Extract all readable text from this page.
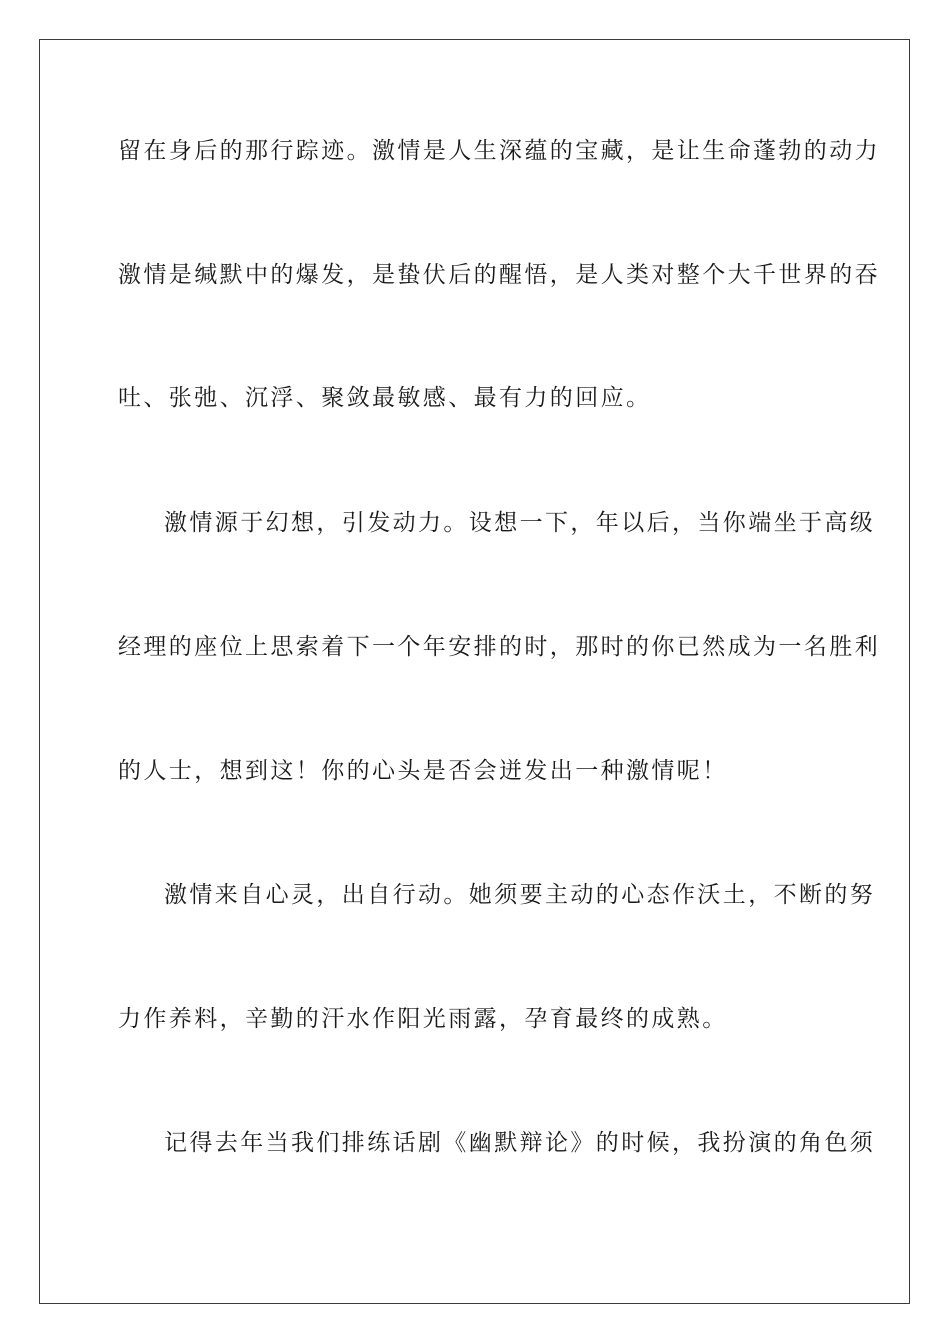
留在身后的那行踪迹。激情是人生深蕴的宝藏，是让生命蓬勃的动力
激情是缄默中的爆发，是蛰伏后的醒悟，是人类对整个大千世界的吞
吐、张弛、沉浮、聚敛最敏感、最有力的回应。
激情源于幻想，引发动力。设想一下，年以后，当你端坐于高级
经理的座位上思索着下一个年安排的时，那时的你已然成为一名胜利
的人士，想到这！你的心头是否会迸发出一种激情呢！
激情来自心灵，出自行动。她须要主动的心态作沃土，不断的努
力作养料，辛勤的汗水作阳光雨露，孕育最终的成熟。
记得去年当我们排练话剧《幽默辩论》的时候，我扮演的角色须
